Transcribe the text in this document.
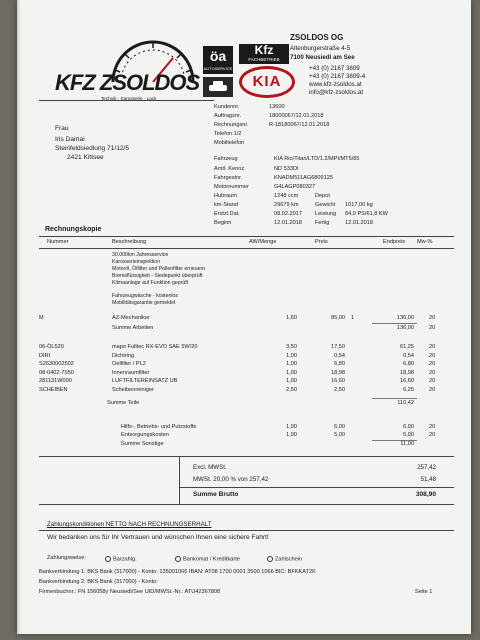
KFZ ZSOLDOS
Technik · Karosserie · Lack
öa
AUTOSERVICE
Kfz
FACHBETRIEB
KIA
ZSOLDOS OG
Altenburgerstraße 4-5
7100 Neusiedl am See
+43 (0) 2167 3809
+43 (0) 2167 3809-4
www.kfz-zsoldos.at
info@kfz-zsoldos.at
Kundennr.	13600
Auftragsnr.	18000067/12.01.2018
Rechnungsnr.	R-18180067/12.01.2018
Telefon 1/2
Mobiltelefon
Frau
Iris Damai
Steinfeldsiedlung 71/12/5
2421 Kittsee	Fahrzeug	KIA Rio/Titan/LTD/1.2/MPI/MT5/85
Amtl. Kennz.	ND 533DI
Fahrgestnr.	KNADM511AG6809125
Motornummer	G4LAGP080327
Hubraum	1248 ccm	Depot
km-Stand	29679 km	Gewicht 1017,00 kg
Erstzl.Dat.	08.02.2017 Leistung 84,0 PS/61,8 KW
Beginn	12.01.2018 Fertig	12.01.2018
Rechnungskopie
Nummer	Beschreibung	AW/Menge	Preis	Endpreis Mw-%
30.000km Jahresservice
Karosserieinspektion
Motoröl, Ölfilter und Pollenfilter erneuern
Bremsflüssigkeit - Siedepunkt überprüft
Klimaanlage auf Funktion geprüft
Fahrzeugwäsche - kostenlos
Mobilitätsgarantie gemeldet
M	AZ-Mechaniker	1,60	85,00 1	136,00	20
Summe Arbeiten	136,00	20
06-ÖL520	mapo Fulltec RX-EVO SAE 5W/20	3,50	17,50	61,25	20
DIRI	Dichtring	1,00	0,54	0,54	20
S2630002502	Oelfilter / PL2	1,00	6,80	6,80	20
08-0402-7050	Innenraumfilter	1,00	18,98	18,98	20
281131W000	LUFTFILTEREINSATZ UB	1,00	16,60	16,60	20
SCHEIBEN	Scheibenreiniger	2,50	2,50	6,25	20
Summe Teile	110,42
Hilfs-, Betriebs- und Putzstoffe	1,00	6,00	6,00	20
Entsorgungskosten	1,00	5,00	5,00	20
Summe Sonstige	11,00
Excl. MWSt.	257,42
MWSt. 20,00 % von 257,42	51,48
Summe Brutto	308,90
Zahlungskonditionen NETTO NACH RECHNUNGSERHALT
Wir bedanken uns für Ihr Vertrauen und wünschen Ihnen eine sichere Fahrt!
Zahlungsweise:	Barzahlg.	Bankomat / Kreditkarte	Zahlschein
Bankverbindung 1: BKS Bank (317000) - Konto: 135001066 IBAN: AT08 1700 0001 3500 1066 BIC: BFKKAT2K
Bankverbindung 2: BKS Bank (317000) - Konto:
Firmenbuchnr.: FN 156058y Neusiedl/See UID/MWSt.-Nr.: ATU42367808	Seite 1
